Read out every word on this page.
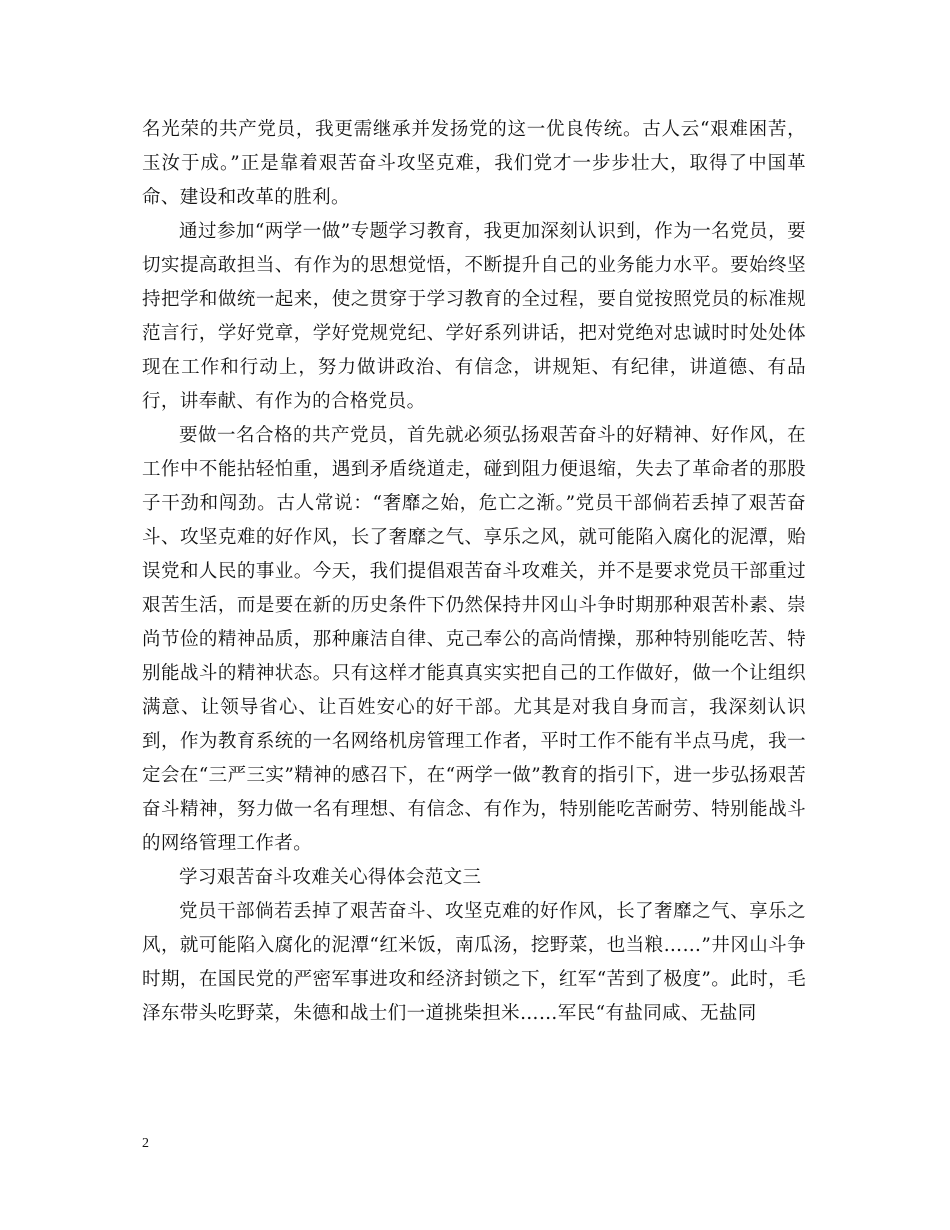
名光荣的共产党员，我更需继承并发扬党的这一优良传统。古人云“艰难困苦，玉汝于成。”正是靠着艰苦奋斗攻坚克难，我们党才一步步壮大，取得了中国革命、建设和改革的胜利。

通过参加“两学一做”专题学习教育，我更加深刻认识到，作为一名党员，要切实提高敢担当、有作为的思想觉悟，不断提升自己的业务能力水平。要始终坚持把学和做统一起来，使之贯穿于学习教育的全过程，要自觉按照党员的标准规范言行，学好党章，学好党规党纪、学好系列讲话，把对党绝对忠诚时时处处体现在工作和行动上，努力做讲政治、有信念，讲规矩、有纪律，讲道德、有品行，讲奉献、有作为的合格党员。

要做一名合格的共产党员，首先就必须弘扬艰苦奋斗的好精神、好作风，在工作中不能拈轻怕重，遇到矛盾绕道走，碰到阻力便退缩，失去了革命者的那股子干劲和闯劲。古人常说：“奢靡之始，危亡之渐。”党员干部倘若丢掉了艰苦奋斗、攻坚克难的好作风，长了奢靡之气、享乐之风，就可能陷入腐化的泥潭，贻误党和人民的事业。今天，我们提倡艰苦奋斗攻难关，并不是要求党员干部重过艰苦生活，而是要在新的历史条件下仍然保持井冈山斗争时期那种艰苦朴素、崇尚节俭的精神品质，那种廉洁自律、克己奉公的高尚情操，那种特别能吃苦、特别能战斗的精神状态。只有这样才能真真实实把自己的工作做好，做一个让组织满意、让领导省心、让百姓安心的好干部。尤其是对我自身而言，我深刻认识到，作为教育系统的一名网络机房管理工作者，平时工作不能有半点马虎，我一定会在“三严三实”精神的感召下，在“两学一做”教育的指引下，进一步弘扬艰苦奋斗精神，努力做一名有理想、有信念、有作为，特别能吃苦耐劳、特别能战斗的网络管理工作者。

学习艰苦奋斗攻难关心得体会范文三

党员干部倘若丢掉了艰苦奋斗、攻坚克难的好作风，长了奢靡之气、享乐之风，就可能陷入腐化的泥潭“红米饭，南瓜汤，挖野菜，也当粮……”井冈山斗争时期，在国民党的严密军事进攻和经济封锁之下，红军“苦到了极度”。此时，毛泽东带头吃野菜，朱德和战士们一道挑柴担米……军民“有盐同咸、无盐同

2
